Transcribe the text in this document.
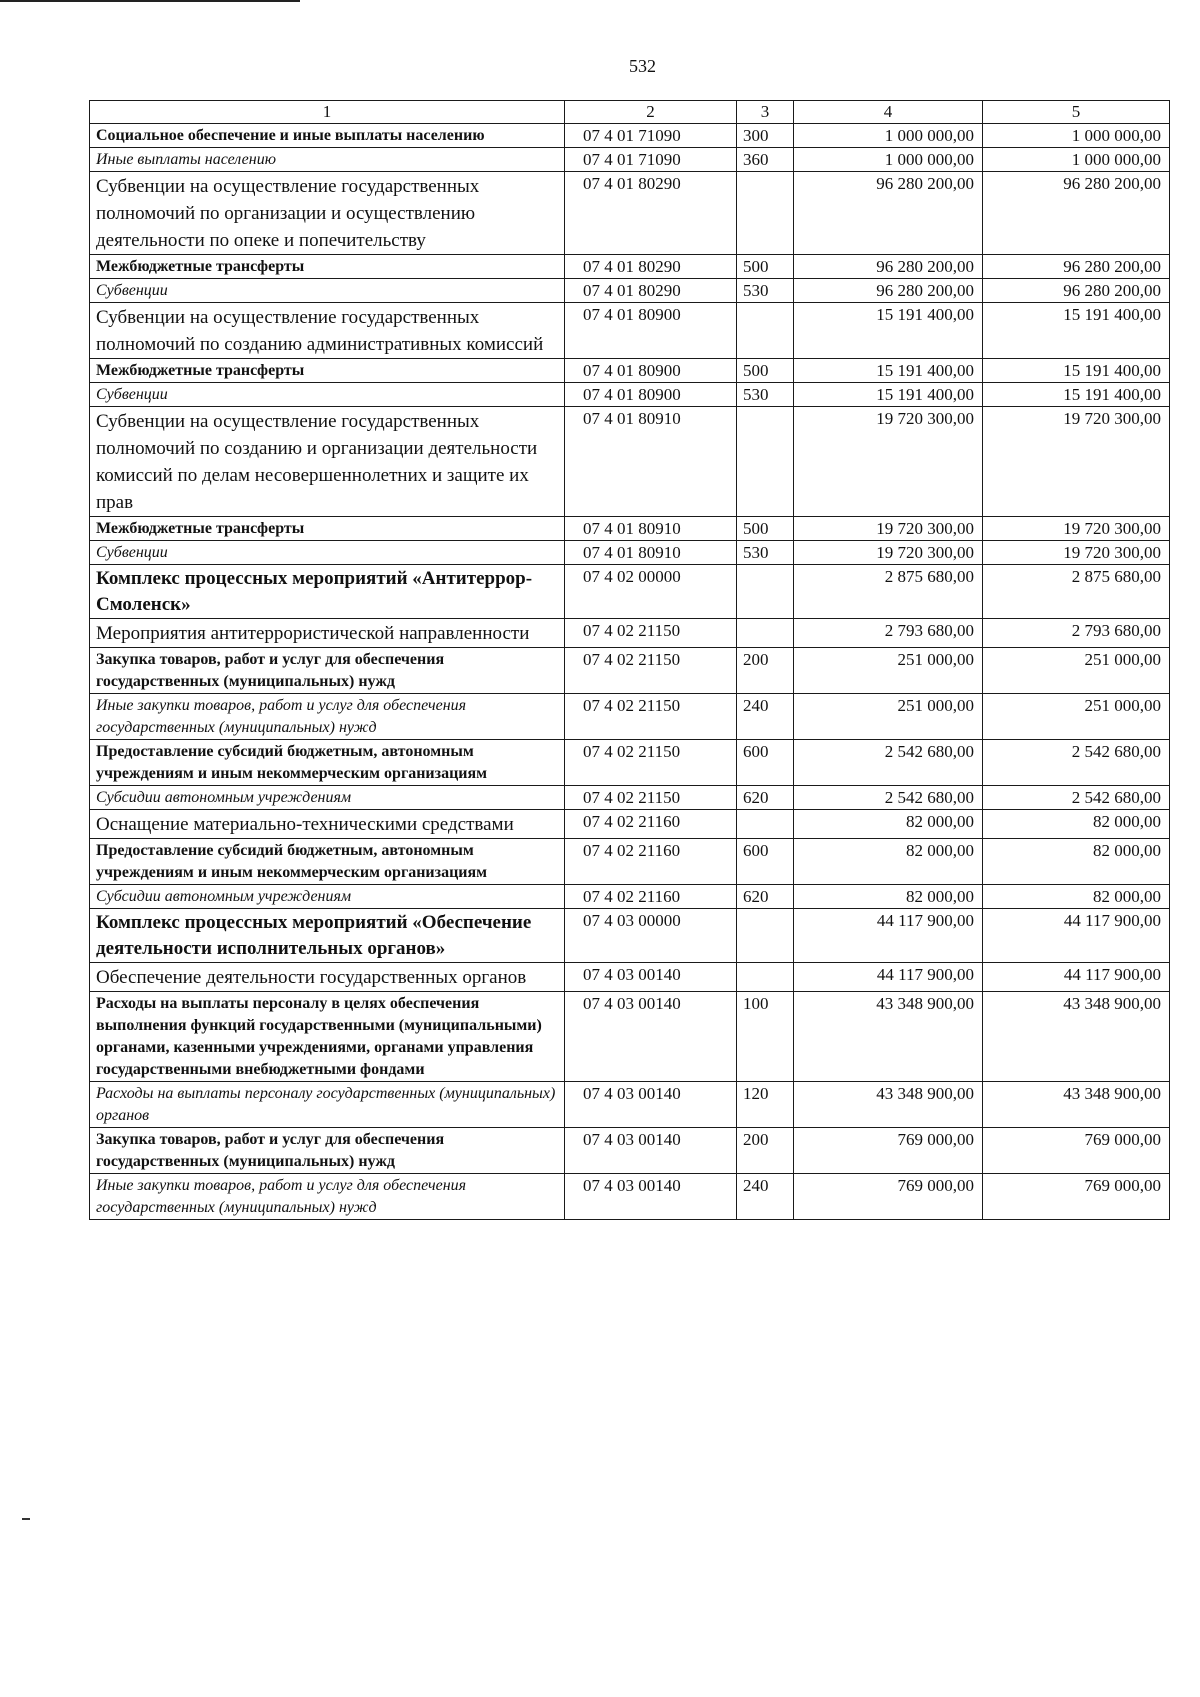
532
1	2	3	4	5
Социальное обеспечение и иные выплаты населению	07 4 01 71090	300	1 000 000,00	1 000 000,00
Иные выплаты населению	07 4 01 71090	360	1 000 000,00	1 000 000,00
Субвенции на осуществление государственных полномочий по организации и осуществлению деятельности по опеке и попечительству	07 4 01 80290		96 280 200,00	96 280 200,00
Межбюджетные трансферты	07 4 01 80290	500	96 280 200,00	96 280 200,00
Субвенции	07 4 01 80290	530	96 280 200,00	96 280 200,00
Субвенции на осуществление государственных полномочий по созданию административных комиссий	07 4 01 80900		15 191 400,00	15 191 400,00
Межбюджетные трансферты	07 4 01 80900	500	15 191 400,00	15 191 400,00
Субвенции	07 4 01 80900	530	15 191 400,00	15 191 400,00
Субвенции на осуществление государственных полномочий по созданию и организации деятельности комиссий по делам несовершеннолетних и защите их прав	07 4 01 80910		19 720 300,00	19 720 300,00
Межбюджетные трансферты	07 4 01 80910	500	19 720 300,00	19 720 300,00
Субвенции	07 4 01 80910	530	19 720 300,00	19 720 300,00
Комплекс процессных мероприятий «Антитеррор-Смоленск»	07 4 02 00000		2 875 680,00	2 875 680,00
Мероприятия антитеррористической направленности	07 4 02 21150		2 793 680,00	2 793 680,00
Закупка товаров, работ и услуг для обеспечения государственных (муниципальных) нужд	07 4 02 21150	200	251 000,00	251 000,00
Иные закупки товаров, работ и услуг для обеспечения государственных (муниципальных) нужд	07 4 02 21150	240	251 000,00	251 000,00
Предоставление субсидий бюджетным, автономным учреждениям и иным некоммерческим организациям	07 4 02 21150	600	2 542 680,00	2 542 680,00
Субсидии автономным учреждениям	07 4 02 21150	620	2 542 680,00	2 542 680,00
Оснащение материально-техническими средствами	07 4 02 21160		82 000,00	82 000,00
Предоставление субсидий бюджетным, автономным учреждениям и иным некоммерческим организациям	07 4 02 21160	600	82 000,00	82 000,00
Субсидии автономным учреждениям	07 4 02 21160	620	82 000,00	82 000,00
Комплекс процессных мероприятий «Обеспечение деятельности исполнительных органов»	07 4 03 00000		44 117 900,00	44 117 900,00
Обеспечение деятельности государственных органов	07 4 03 00140		44 117 900,00	44 117 900,00
Расходы на выплаты персоналу в целях обеспечения выполнения функций государственными (муниципальными) органами, казенными учреждениями, органами управления государственными внебюджетными фондами	07 4 03 00140	100	43 348 900,00	43 348 900,00
Расходы на выплаты персоналу государственных (муниципальных) органов	07 4 03 00140	120	43 348 900,00	43 348 900,00
Закупка товаров, работ и услуг для обеспечения государственных (муниципальных) нужд	07 4 03 00140	200	769 000,00	769 000,00
Иные закупки товаров, работ и услуг для обеспечения государственных (муниципальных) нужд	07 4 03 00140	240	769 000,00	769 000,00
